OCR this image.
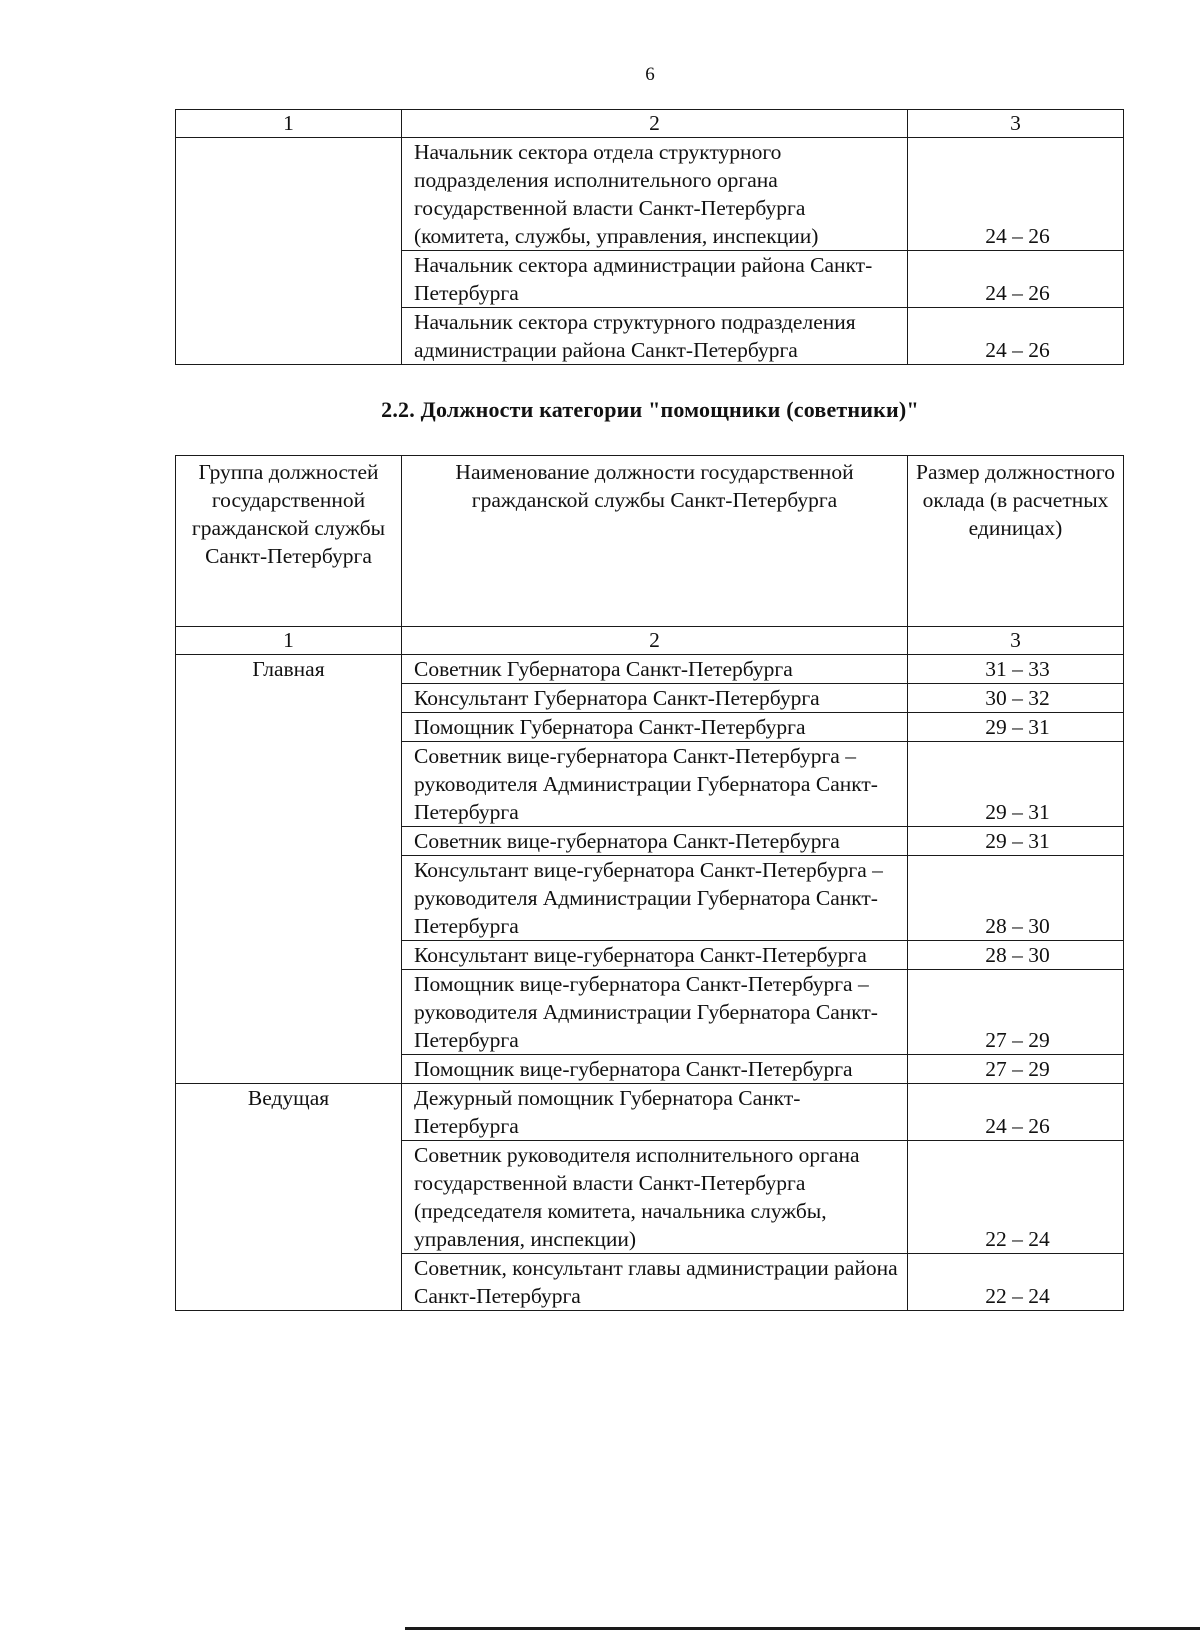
6
1	2	3
	Начальник сектора отдела структурного подразделения исполнительного органа государственной власти Санкт-Петербурга (комитета, службы, управления, инспекции)	24 – 26
	Начальник сектора администрации района Санкт-Петербурга	24 – 26
	Начальник сектора структурного подразделения администрации района Санкт-Петербурга	24 – 26
2.2. Должности категории "помощники (советники)"
Группа должностей государственной гражданской службы Санкт-Петербурга	Наименование должности государственной гражданской службы Санкт-Петербурга	Размер должностного оклада (в расчетных единицах)
1	2	3
Главная	Советник Губернатора Санкт-Петербурга	31 – 33
	Консультант Губернатора Санкт-Петербурга	30 – 32
	Помощник Губернатора Санкт-Петербурга	29 – 31
	Советник вице-губернатора Санкт-Петербурга – руководителя Администрации Губернатора Санкт-Петербурга	29 – 31
	Советник вице-губернатора Санкт-Петербурга	29 – 31
	Консультант вице-губернатора Санкт-Петербурга – руководителя Администрации Губернатора Санкт-Петербурга	28 – 30
	Консультант вице-губернатора Санкт-Петербурга	28 – 30
	Помощник вице-губернатора Санкт-Петербурга – руководителя Администрации Губернатора Санкт-Петербурга	27 – 29
	Помощник вице-губернатора Санкт-Петербурга	27 – 29
Ведущая	Дежурный помощник Губернатора Санкт-Петербурга	24 – 26
	Советник руководителя исполнительного органа государственной власти Санкт-Петербурга (председателя комитета, начальника службы, управления, инспекции)	22 – 24
	Советник, консультант главы администрации района Санкт-Петербурга	22 – 24
